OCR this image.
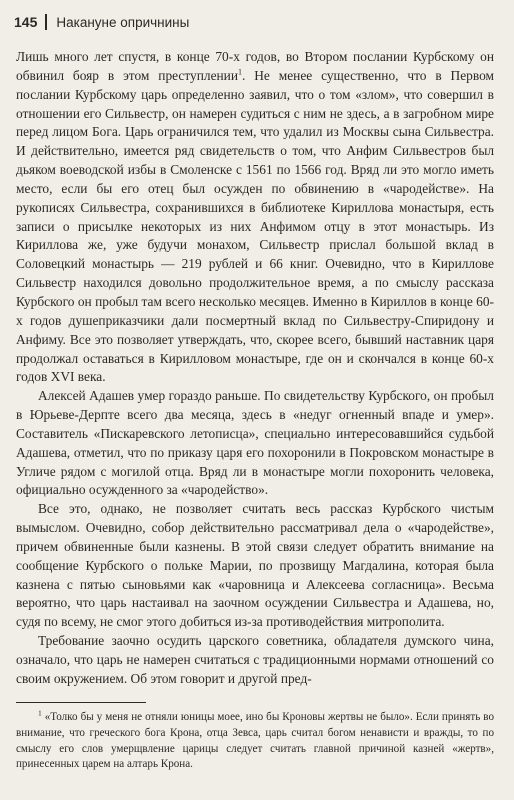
145 Накануне опричнины

Лишь много лет спустя, в конце 70-х годов, во Втором послании Курбскому он обвинил бояр в этом преступлении$^1$. Не менее существенно, что в Первом послании Курбскому царь определенно заявил, что о том «злом», что совершил в отношении его Сильвестр, он намерен судиться с ним не здесь, а в загробном мире перед лицом Бога. Царь ограничился тем, что удалил из Москвы сына Сильвестра. И действительно, имеется ряд свидетельств о том, что Анфим Сильвестров был дьяком воеводской избы в Смоленске с 1561 по 1566 год. Вряд ли это могло иметь место, если бы его отец был осужден по обвинению в «чародействе». На рукописях Сильвестра, сохранившихся в библиотеке Кириллова монастыря, есть записи о присылке некоторых из них Анфимом отцу в этот монастырь. Из Кириллова же, уже будучи монахом, Сильвестр прислал большой вклад в Соловецкий монастырь — 219 рублей и 66 книг. Очевидно, что в Кириллове Сильвестр находился довольно продолжительное время, а по смыслу рассказа Курбского он пробыл там всего несколько месяцев. Именно в Кириллов в конце 60-х годов душеприказчики дали посмертный вклад по Сильвестру-Спиридону и Анфиму. Все это позволяет утверждать, что, скорее всего, бывший наставник царя продолжал оставаться в Кирилловом монастыре, где он и скончался в конце 60-х годов XVI века.

Алексей Адашев умер гораздо раньше. По свидетельству Курбского, он пробыл в Юрьеве-Дерпте всего два месяца, здесь в «недуг огненный впаде и умер». Составитель «Пискаревского летописца», специально интересовавшийся судьбой Адашева, отметил, что по приказу царя его похоронили в Покровском монастыре в Угличе рядом с могилой отца. Вряд ли в монастыре могли похоронить человека, официально осужденного за «чародейство».

Все это, однако, не позволяет считать весь рассказ Курбского чистым вымыслом. Очевидно, собор действительно рассматривал дела о «чародействе», причем обвиненные были казнены. В этой связи следует обратить внимание на сообщение Курбского о польке Марии, по прозвищу Магдалина, которая была казнена с пятью сыновьями как «чаровница и Алексеева согласница». Весьма вероятно, что царь настаивал на заочном осуждении Сильвестра и Адашева, но, судя по всему, не смог этого добиться из-за противодействия митрополита.

Требование заочно осудить царского советника, обладателя думского чина, означало, что царь не намерен считаться с традиционными нормами отношений со своим окружением. Об этом говорит и другой пред-

$^1$ «Толко бы у меня не отняли юницы моее, ино бы Кроновы жертвы не было». Если принять во внимание, что греческого бога Крона, отца Зевса, царь считал богом ненависти и вражды, то по смыслу его слов умерщвление царицы следует считать главной причиной казней «жертв», принесенных царем на алтарь Крона.
